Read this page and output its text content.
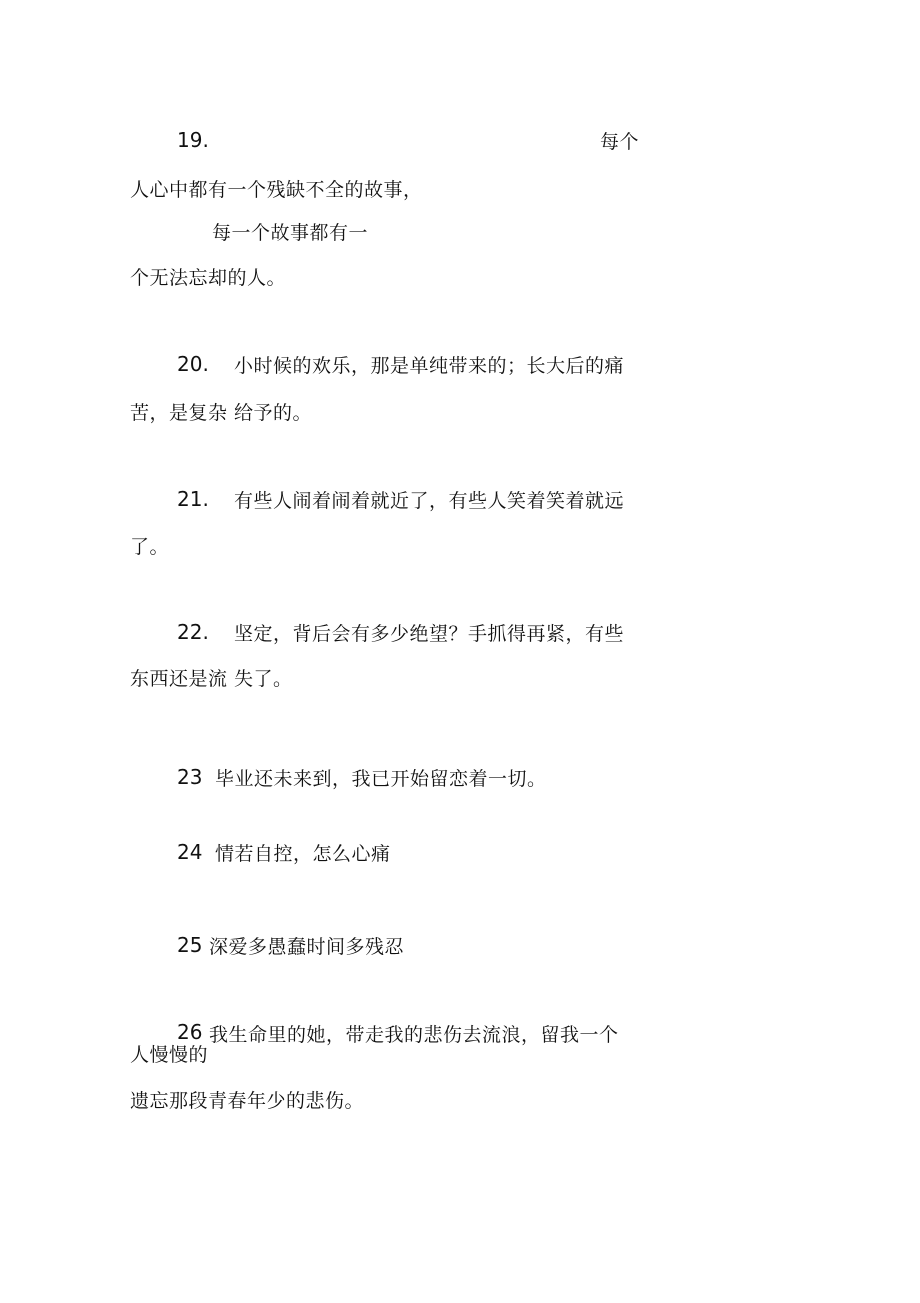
19.	每个
人心中都有一个残缺不全的故事，
每一个故事都有一
个无法忘却的人。
20. 小时候的欢乐，那是单纯带来的；长大后的痛
苦，是复杂 给予的。
21. 有些人闹着闹着就近了，有些人笑着笑着就远
了。
22. 坚定，背后会有多少绝望？手抓得再紧，有些
东西还是流 失了。
23 毕业还未来到，我已开始留恋着一切。
24 情若自控，怎么心痛
25 深爱多愚蠢时间多残忍
26 我生命里的她，带走我的悲伤去流浪，留我一个
人慢慢的
遗忘那段青春年少的悲伤。
